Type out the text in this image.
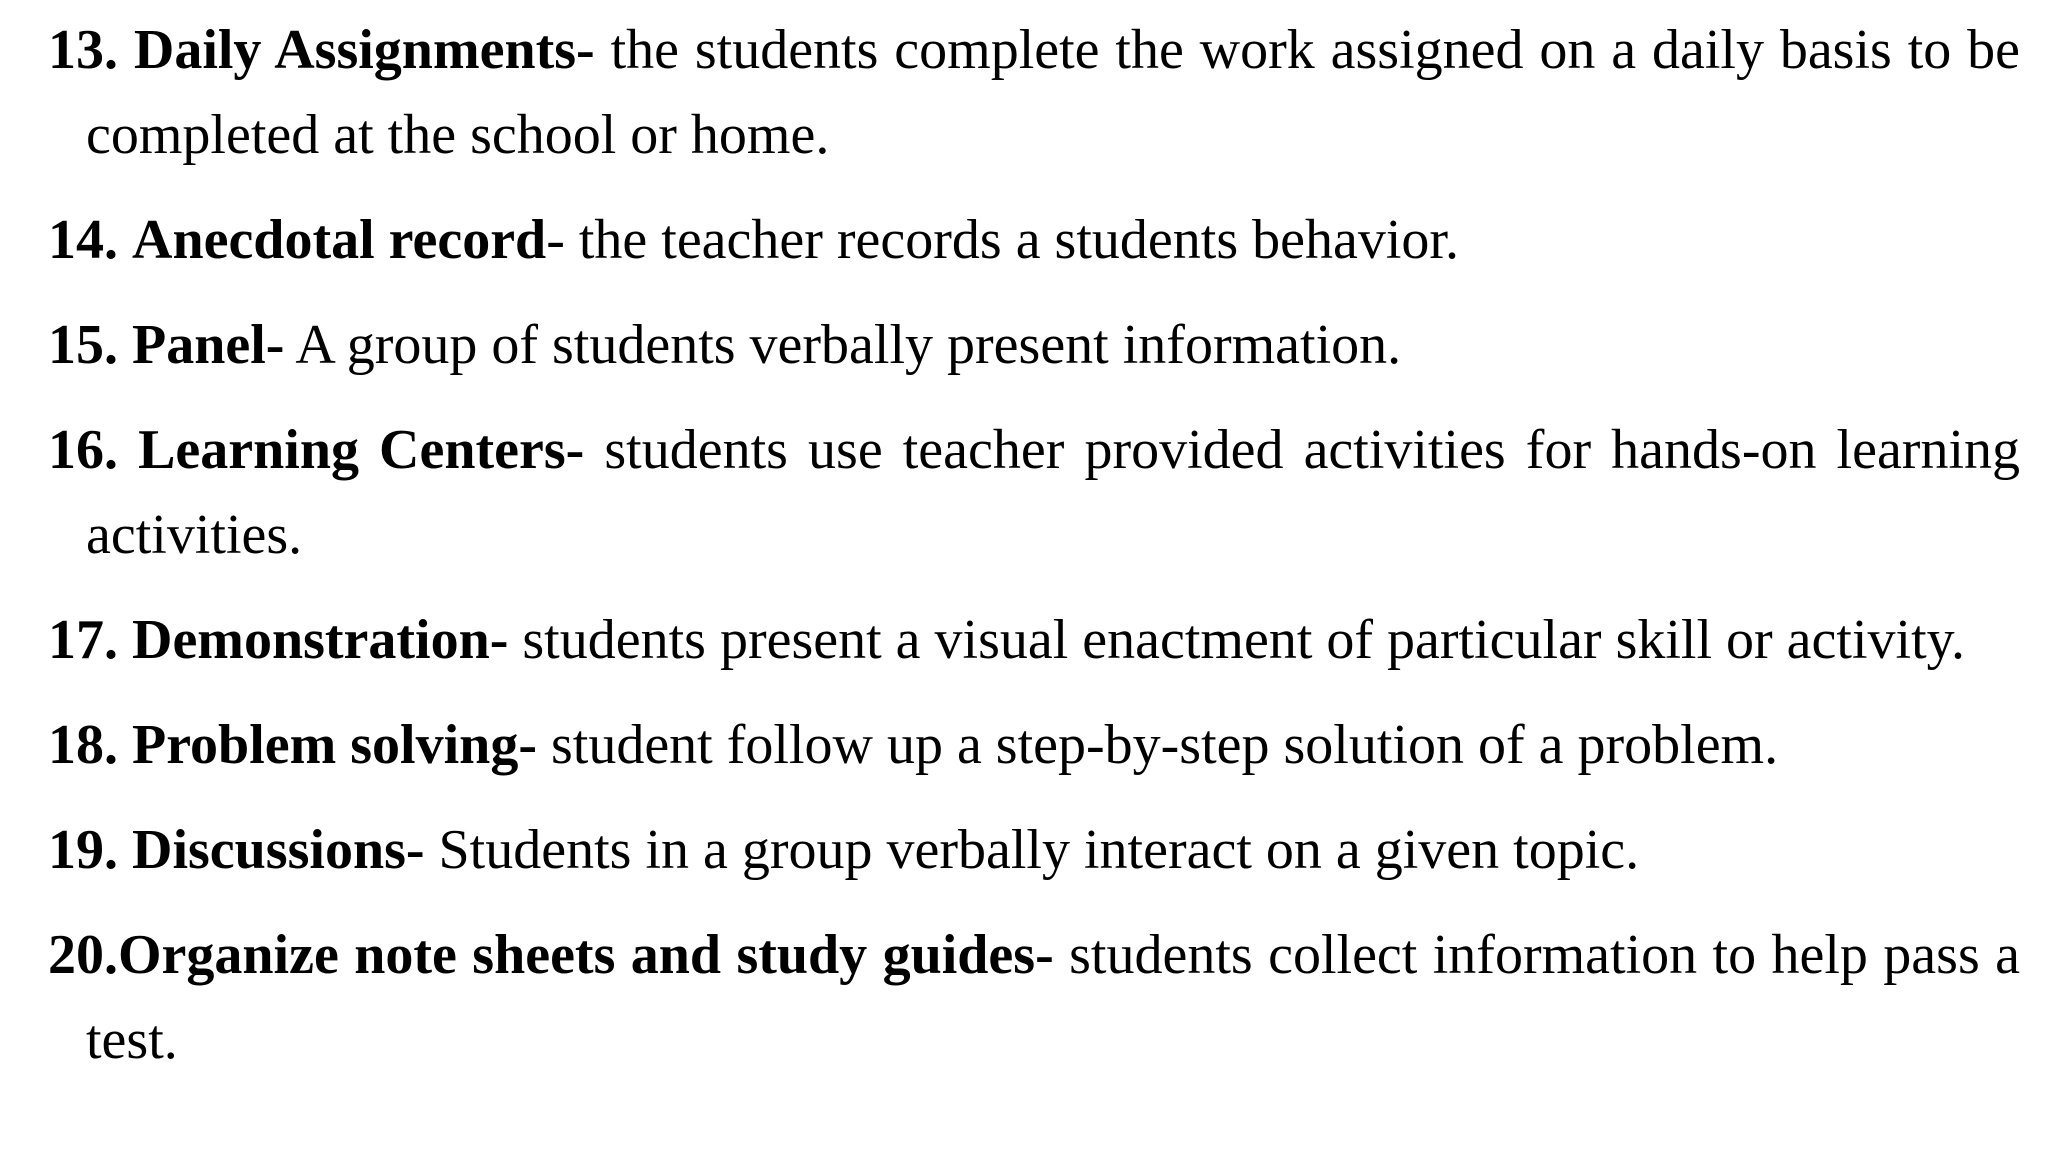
13. Daily Assignments- the students complete the work assigned on a daily basis to be completed at the school or home.

14. Anecdotal record- the teacher records a students behavior.

15. Panel- A group of students verbally present information.

16. Learning Centers- students use teacher provided activities for hands-on learning activities.

17. Demonstration- students present a visual enactment of particular skill or activity.

18. Problem solving- student follow up a step-by-step solution of a problem.

19. Discussions- Students in a group verbally interact on a given topic.

20.Organize note sheets and study guides- students collect information to help pass a test.
